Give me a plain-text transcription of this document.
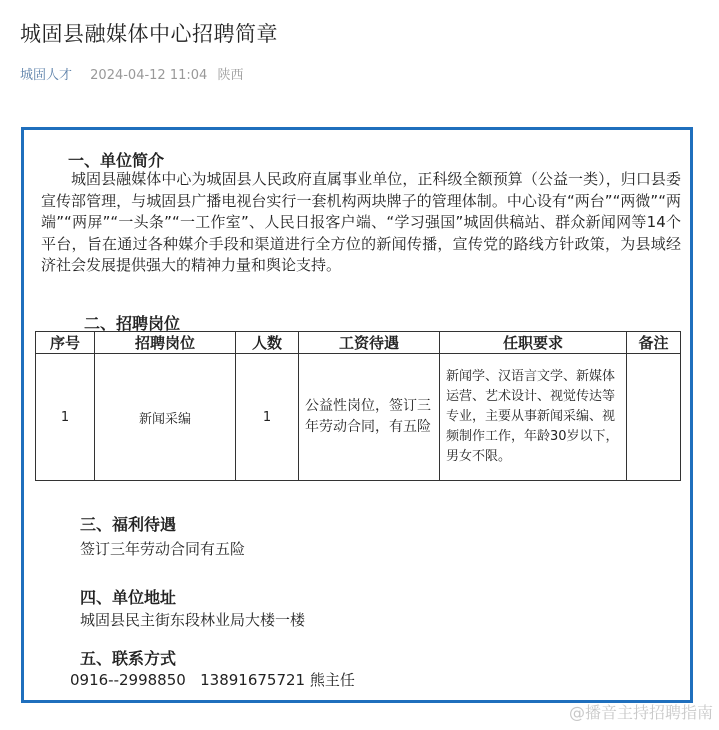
城固县融媒体中心招聘简章
城固人才 2024-04-12 11:04 陕西
一、单位简介
城固县融媒体中心为城固县人民政府直属事业单位，正科级全额预算（公益一类），归口县委宣传部管理，与城固县广播电视台实行一套机构两块牌子的管理体制。中心设有“两台”“两微”“两端”“两屏”“一头条”“一工作室”、人民日报客户端、“学习强国”城固供稿站、群众新闻网等14个平台，旨在通过各种媒介手段和渠道进行全方位的新闻传播，宣传党的路线方针政策，为县域经济社会发展提供强大的精神力量和舆论支持。
二、招聘岗位
序号	招聘岗位	人数	工资待遇	任职要求	备注
1	新闻采编	1	公益性岗位，签订三年劳动合同，有五险	新闻学、汉语言文学、新媒体运营、艺术设计、视觉传达等专业，主要从事新闻采编、视频制作工作，年龄30岁以下，男女不限。	
三、福利待遇
签订三年劳动合同有五险
四、单位地址
城固县民主街东段林业局大楼一楼
五、联系方式
0916--2998850   13891675721 熊主任
@播音主持招聘指南
